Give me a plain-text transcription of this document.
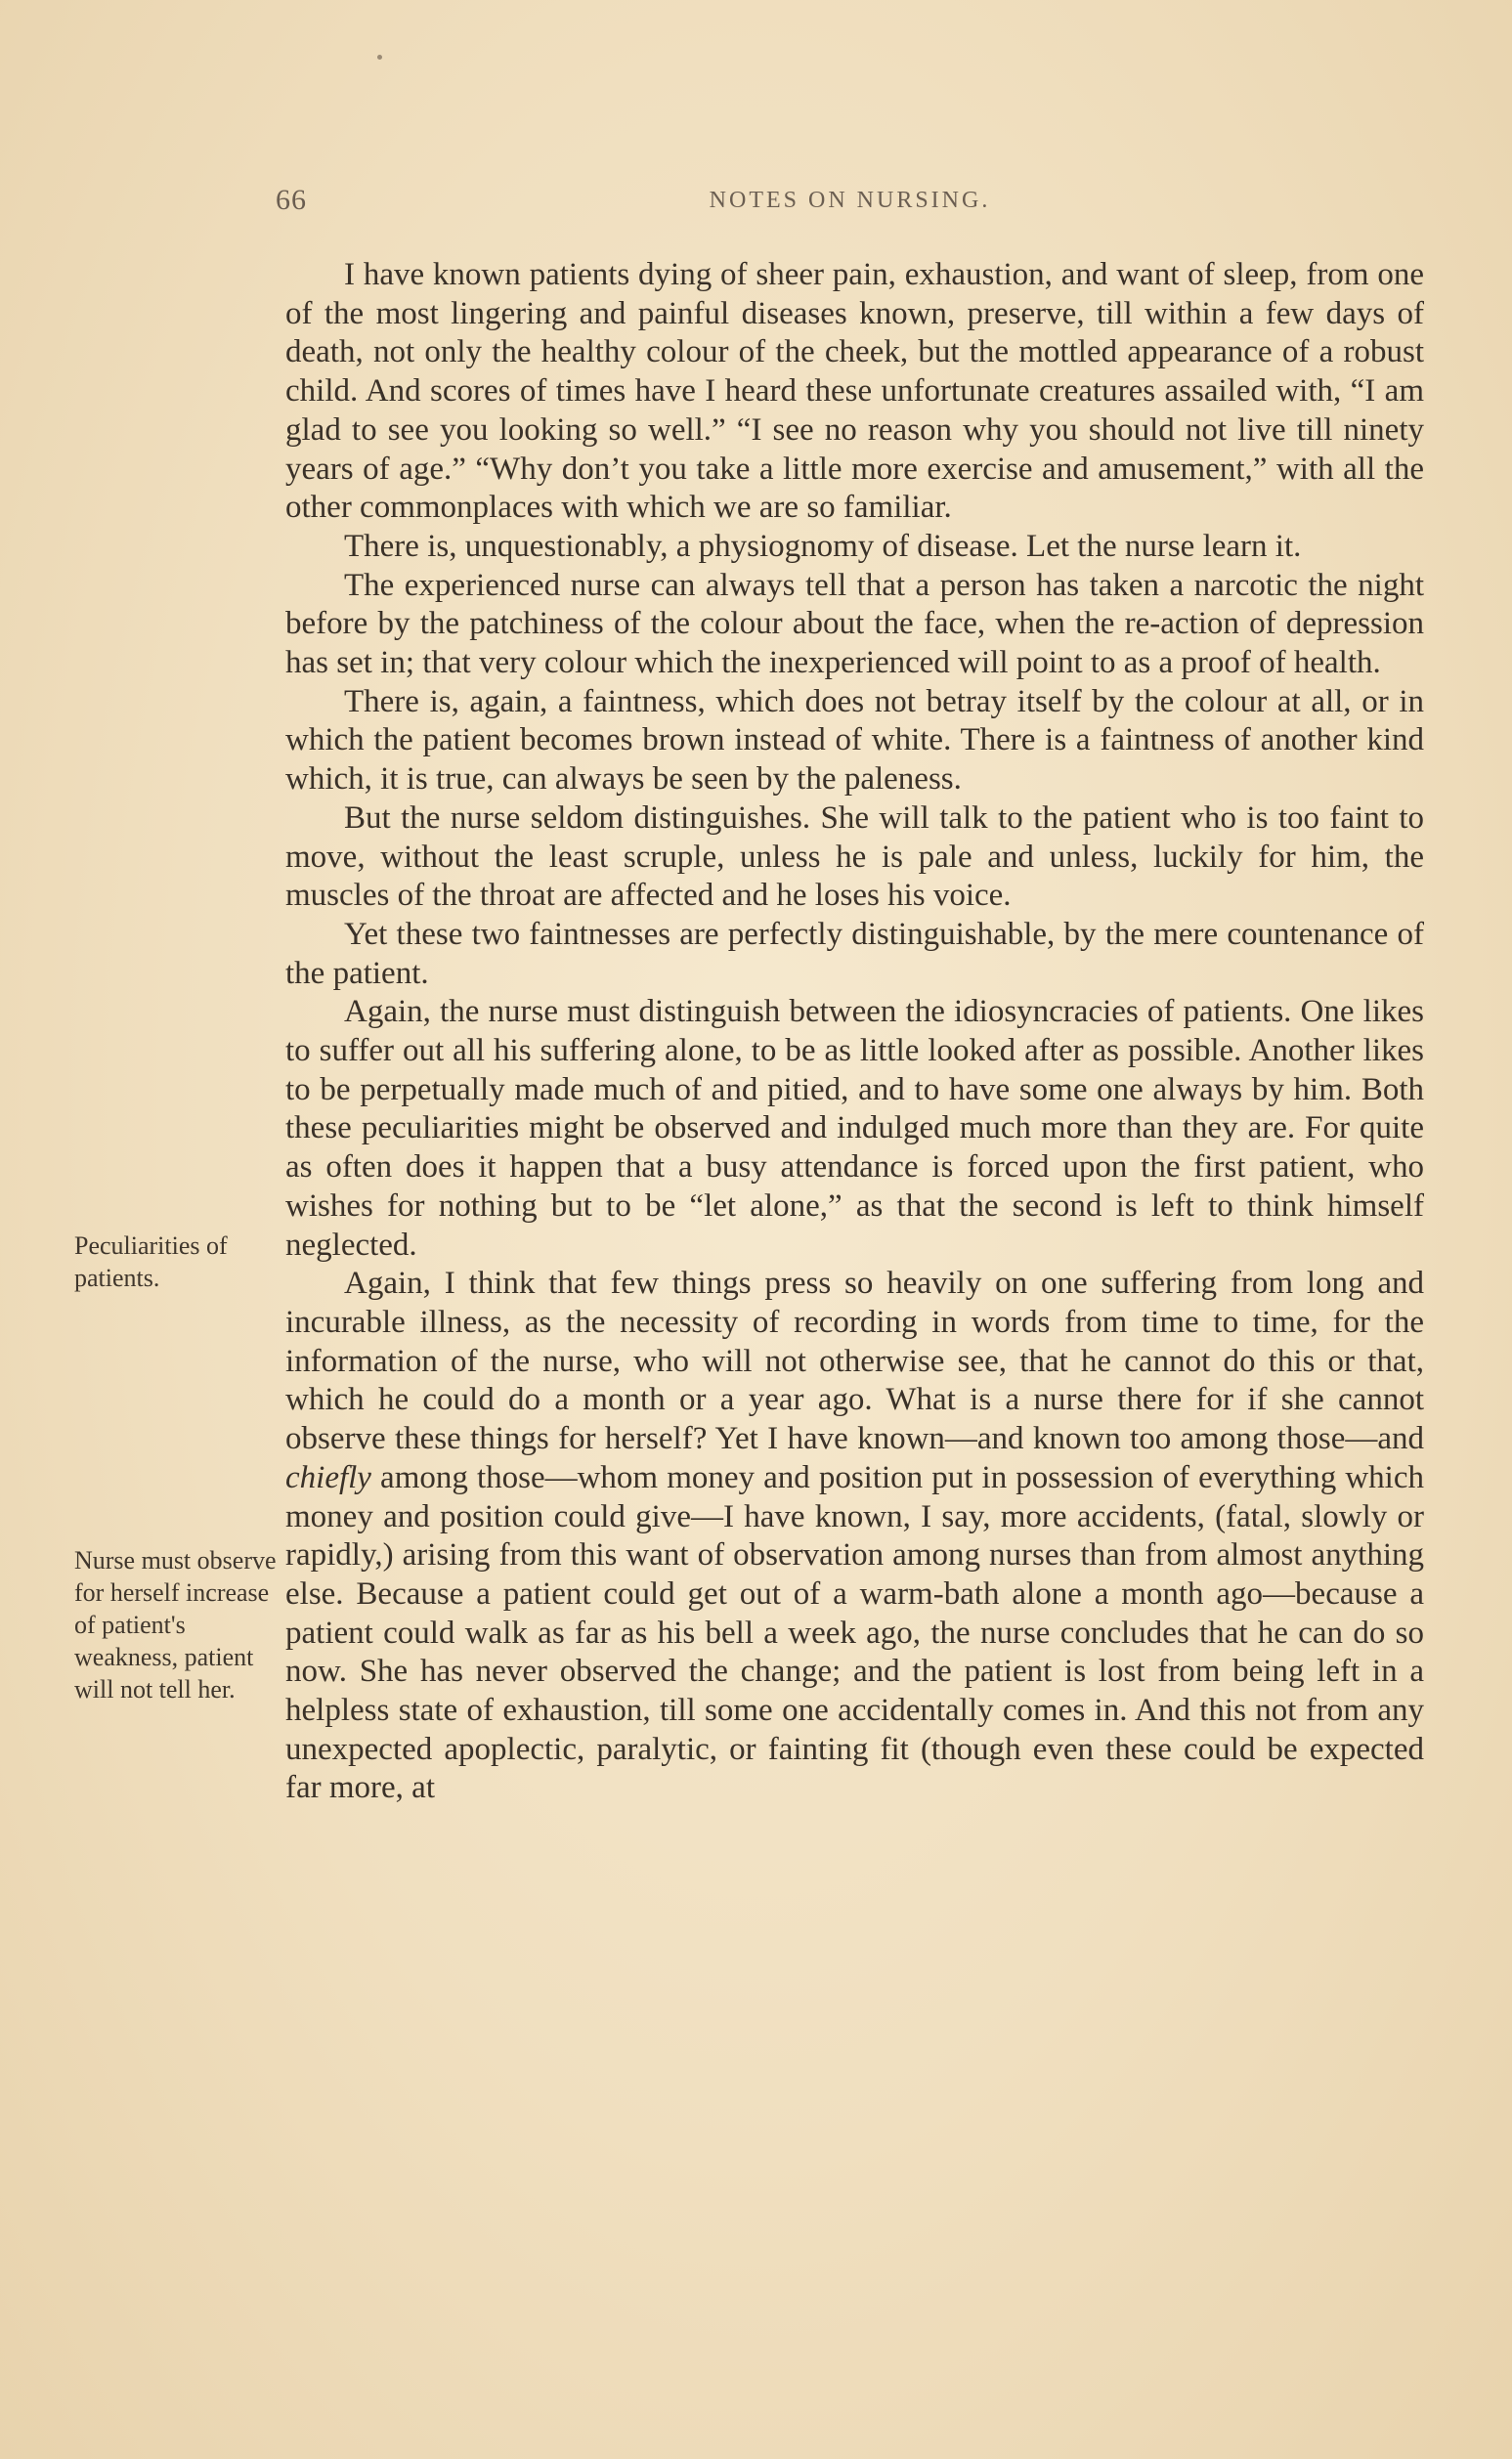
66	NOTES ON NURSING.
Peculiarities of patients.
Nurse must observe for herself increase of patient's weakness, patient will not tell her.

I have known patients dying of sheer pain, exhaustion, and want of sleep, from one of the most lingering and painful diseases known, preserve, till within a few days of death, not only the healthy colour of the cheek, but the mottled appearance of a robust child. And scores of times have I heard these unfortunate creatures assailed with, “I am glad to see you looking so well.” “I see no reason why you should not live till ninety years of age.” “Why don’t you take a little more exercise and amusement,” with all the other commonplaces with which we are so familiar.

There is, unquestionably, a physiognomy of disease. Let the nurse learn it.

The experienced nurse can always tell that a person has taken a narcotic the night before by the patchiness of the colour about the face, when the re-action of depression has set in; that very colour which the inexperienced will point to as a proof of health.

There is, again, a faintness, which does not betray itself by the colour at all, or in which the patient becomes brown instead of white. There is a faintness of another kind which, it is true, can always be seen by the paleness.

But the nurse seldom distinguishes. She will talk to the patient who is too faint to move, without the least scruple, unless he is pale and unless, luckily for him, the muscles of the throat are affected and he loses his voice.

Yet these two faintnesses are perfectly distinguishable, by the mere countenance of the patient.

Again, the nurse must distinguish between the idiosyncracies of patients. One likes to suffer out all his suffering alone, to be as little looked after as possible. Another likes to be perpetually made much of and pitied, and to have some one always by him. Both these peculiarities might be observed and indulged much more than they are. For quite as often does it happen that a busy attendance is forced upon the first patient, who wishes for nothing but to be “let alone,” as that the second is left to think himself neglected.

Again, I think that few things press so heavily on one suffering from long and incurable illness, as the necessity of recording in words from time to time, for the information of the nurse, who will not otherwise see, that he cannot do this or that, which he could do a month or a year ago. What is a nurse there for if she cannot observe these things for herself? Yet I have known—and known too among those—and chiefly among those—whom money and position put in possession of everything which money and position could give—I have known, I say, more accidents, (fatal, slowly or rapidly,) arising from this want of observation among nurses than from almost anything else. Because a patient could get out of a warm-bath alone a month ago—because a patient could walk as far as his bell a week ago, the nurse concludes that he can do so now. She has never observed the change; and the patient is lost from being left in a helpless state of exhaustion, till some one accidentally comes in. And this not from any unexpected apoplectic, paralytic, or fainting fit (though even these could be expected far more, at
